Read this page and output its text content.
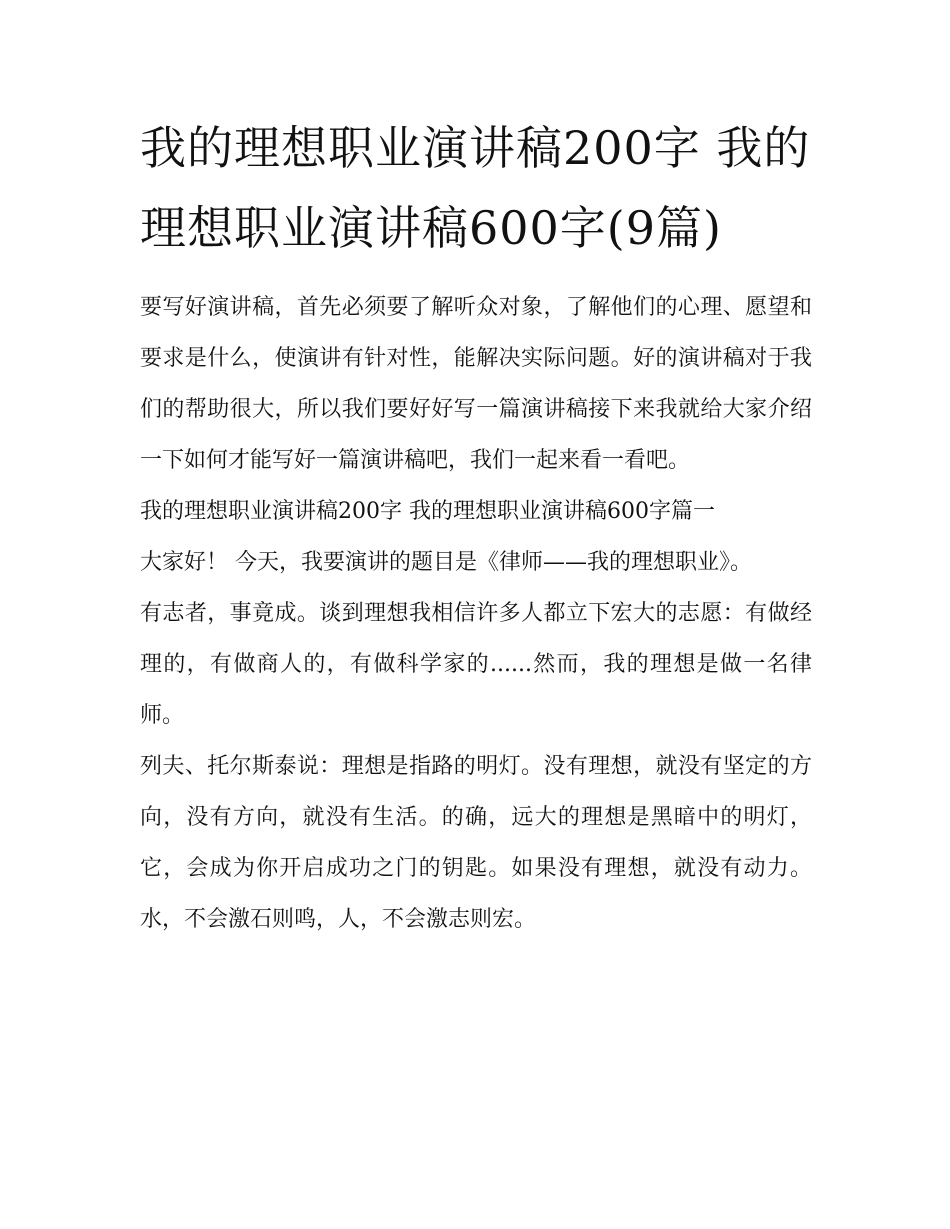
我的理想职业演讲稿200字 我的理想职业演讲稿600字(9篇)

要写好演讲稿，首先必须要了解听众对象，了解他们的心理、愿望和要求是什么，使演讲有针对性，能解决实际问题。好的演讲稿对于我们的帮助很大，所以我们要好好写一篇演讲稿接下来我就给大家介绍一下如何才能写好一篇演讲稿吧，我们一起来看一看吧。

我的理想职业演讲稿200字 我的理想职业演讲稿600字篇一

大家好！ 今天，我要演讲的题目是《律师——我的理想职业》。

有志者，事竟成。谈到理想我相信许多人都立下宏大的志愿：有做经理的，有做商人的，有做科学家的......然而，我的理想是做一名律师。

列夫、托尔斯泰说：理想是指路的明灯。没有理想，就没有坚定的方向，没有方向，就没有生活。的确，远大的理想是黑暗中的明灯，它，会成为你开启成功之门的钥匙。如果没有理想，就没有动力。水，不会激石则鸣，人，不会激志则宏。
